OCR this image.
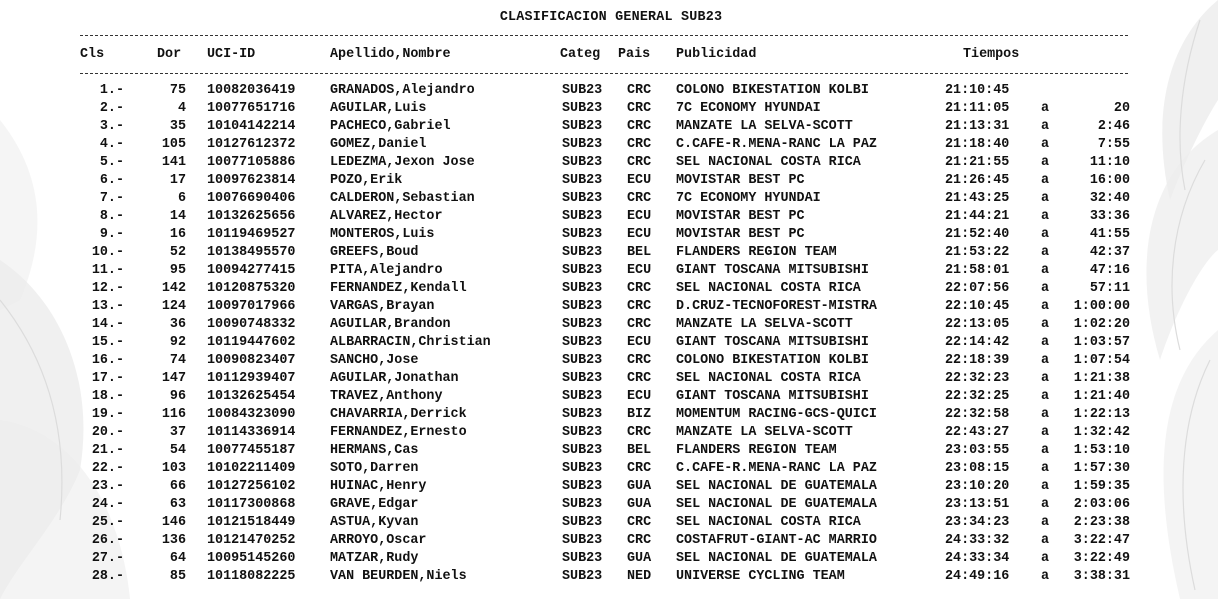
CLASIFICACION GENERAL SUB23
Cls	Dor UCI-ID	Apellido,Nombre	Categ Pais Publicidad	Tiempos
1.-	75 10082036419	GRANADOS,Alejandro	SUB23 CRC COLONO BIKESTATION KOLBI	21:10:45
2.-	4 10077651716	AGUILAR,Luis	SUB23 CRC 7C ECONOMY HYUNDAI	21:11:05 a	20
3.-	35 10104142214	PACHECO,Gabriel	SUB23 CRC MANZATE LA SELVA-SCOTT	21:13:31 a	2:46
4.-	105 10127612372	GOMEZ,Daniel	SUB23 CRC C.CAFE-R.MENA-RANC LA PAZ	21:18:40 a	7:55
5.-	141 10077105886	LEDEZMA,Jexon Jose	SUB23 CRC SEL NACIONAL COSTA RICA	21:21:55 a	11:10
6.-	17 10097623814	POZO,Erik	SUB23 ECU MOVISTAR BEST PC	21:26:45 a	16:00
7.-	6 10076690406	CALDERON,Sebastian	SUB23 CRC 7C ECONOMY HYUNDAI	21:43:25 a	32:40
8.-	14 10132625656	ALVAREZ,Hector	SUB23 ECU MOVISTAR BEST PC	21:44:21 a	33:36
9.-	16 10119469527	MONTEROS,Luis	SUB23 ECU MOVISTAR BEST PC	21:52:40 a	41:55
10.-	52 10138495570	GREEFS,Boud	SUB23 BEL FLANDERS REGION TEAM	21:53:22 a	42:37
11.-	95 10094277415	PITA,Alejandro	SUB23 ECU GIANT TOSCANA MITSUBISHI	21:58:01 a	47:16
12.-	142 10120875320	FERNANDEZ,Kendall	SUB23 CRC SEL NACIONAL COSTA RICA	22:07:56 a	57:11
13.-	124 10097017966	VARGAS,Brayan	SUB23 CRC D.CRUZ-TECNOFOREST-MISTRA	22:10:45 a	1:00:00
14.-	36 10090748332	AGUILAR,Brandon	SUB23 CRC MANZATE LA SELVA-SCOTT	22:13:05 a	1:02:20
15.-	92 10119447602	ALBARRACIN,Christian	SUB23 ECU GIANT TOSCANA MITSUBISHI	22:14:42 a	1:03:57
16.-	74 10090823407	SANCHO,Jose	SUB23 CRC COLONO BIKESTATION KOLBI	22:18:39 a	1:07:54
17.-	147 10112939407	AGUILAR,Jonathan	SUB23 CRC SEL NACIONAL COSTA RICA	22:32:23 a	1:21:38
18.-	96 10132625454	TRAVEZ,Anthony	SUB23 ECU GIANT TOSCANA MITSUBISHI	22:32:25 a	1:21:40
19.-	116 10084323090	CHAVARRIA,Derrick	SUB23 BIZ MOMENTUM RACING-GCS-QUICI	22:32:58 a	1:22:13
20.-	37 10114336914	FERNANDEZ,Ernesto	SUB23 CRC MANZATE LA SELVA-SCOTT	22:43:27 a	1:32:42
21.-	54 10077455187	HERMANS,Cas	SUB23 BEL FLANDERS REGION TEAM	23:03:55 a	1:53:10
22.-	103 10102211409	SOTO,Darren	SUB23 CRC C.CAFE-R.MENA-RANC LA PAZ	23:08:15 a	1:57:30
23.-	66 10127256102	HUINAC,Henry	SUB23 GUA SEL NACIONAL DE GUATEMALA	23:10:20 a	1:59:35
24.-	63 10117300868	GRAVE,Edgar	SUB23 GUA SEL NACIONAL DE GUATEMALA	23:13:51 a	2:03:06
25.-	146 10121518449	ASTUA,Kyvan	SUB23 CRC SEL NACIONAL COSTA RICA	23:34:23 a	2:23:38
26.-	136 10121470252	ARROYO,Oscar	SUB23 CRC COSTAFRUT-GIANT-AC MARRIO	24:33:32 a	3:22:47
27.-	64 10095145260	MATZAR,Rudy	SUB23 GUA SEL NACIONAL DE GUATEMALA	24:33:34 a	3:22:49
28.-	85 10118082225	VAN BEURDEN,Niels	SUB23 NED UNIVERSE CYCLING TEAM	24:49:16 a	3:38:31
